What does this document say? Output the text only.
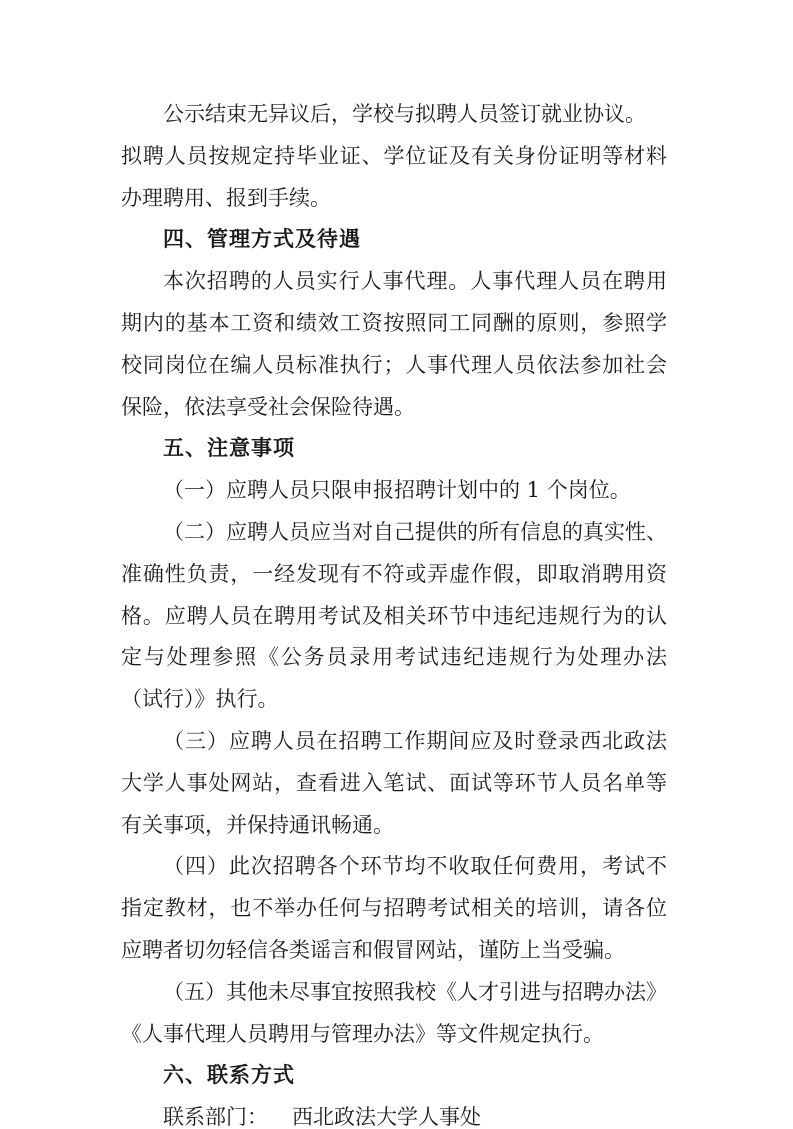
公示结束无异议后，学校与拟聘人员签订就业协议。
拟聘人员按规定持毕业证、学位证及有关身份证明等材料
办理聘用、报到手续。
四、管理方式及待遇
本次招聘的人员实行人事代理。人事代理人员在聘用
期内的基本工资和绩效工资按照同工同酬的原则，参照学
校同岗位在编人员标准执行；人事代理人员依法参加社会
保险，依法享受社会保险待遇。
五、注意事项
（一）应聘人员只限申报招聘计划中的 1 个岗位。
（二）应聘人员应当对自己提供的所有信息的真实性、
准确性负责，一经发现有不符或弄虚作假，即取消聘用资
格。应聘人员在聘用考试及相关环节中违纪违规行为的认
定与处理参照《公务员录用考试违纪违规行为处理办法
（试行）》执行。
（三）应聘人员在招聘工作期间应及时登录西北政法
大学人事处网站，查看进入笔试、面试等环节人员名单等
有关事项，并保持通讯畅通。
（四）此次招聘各个环节均不收取任何费用，考试不
指定教材，也不举办任何与招聘考试相关的培训，请各位
应聘者切勿轻信各类谣言和假冒网站，谨防上当受骗。
（五）其他未尽事宜按照我校《人才引进与招聘办法》
《人事代理人员聘用与管理办法》等文件规定执行。
六、联系方式
联系部门： 西北政法大学人事处
